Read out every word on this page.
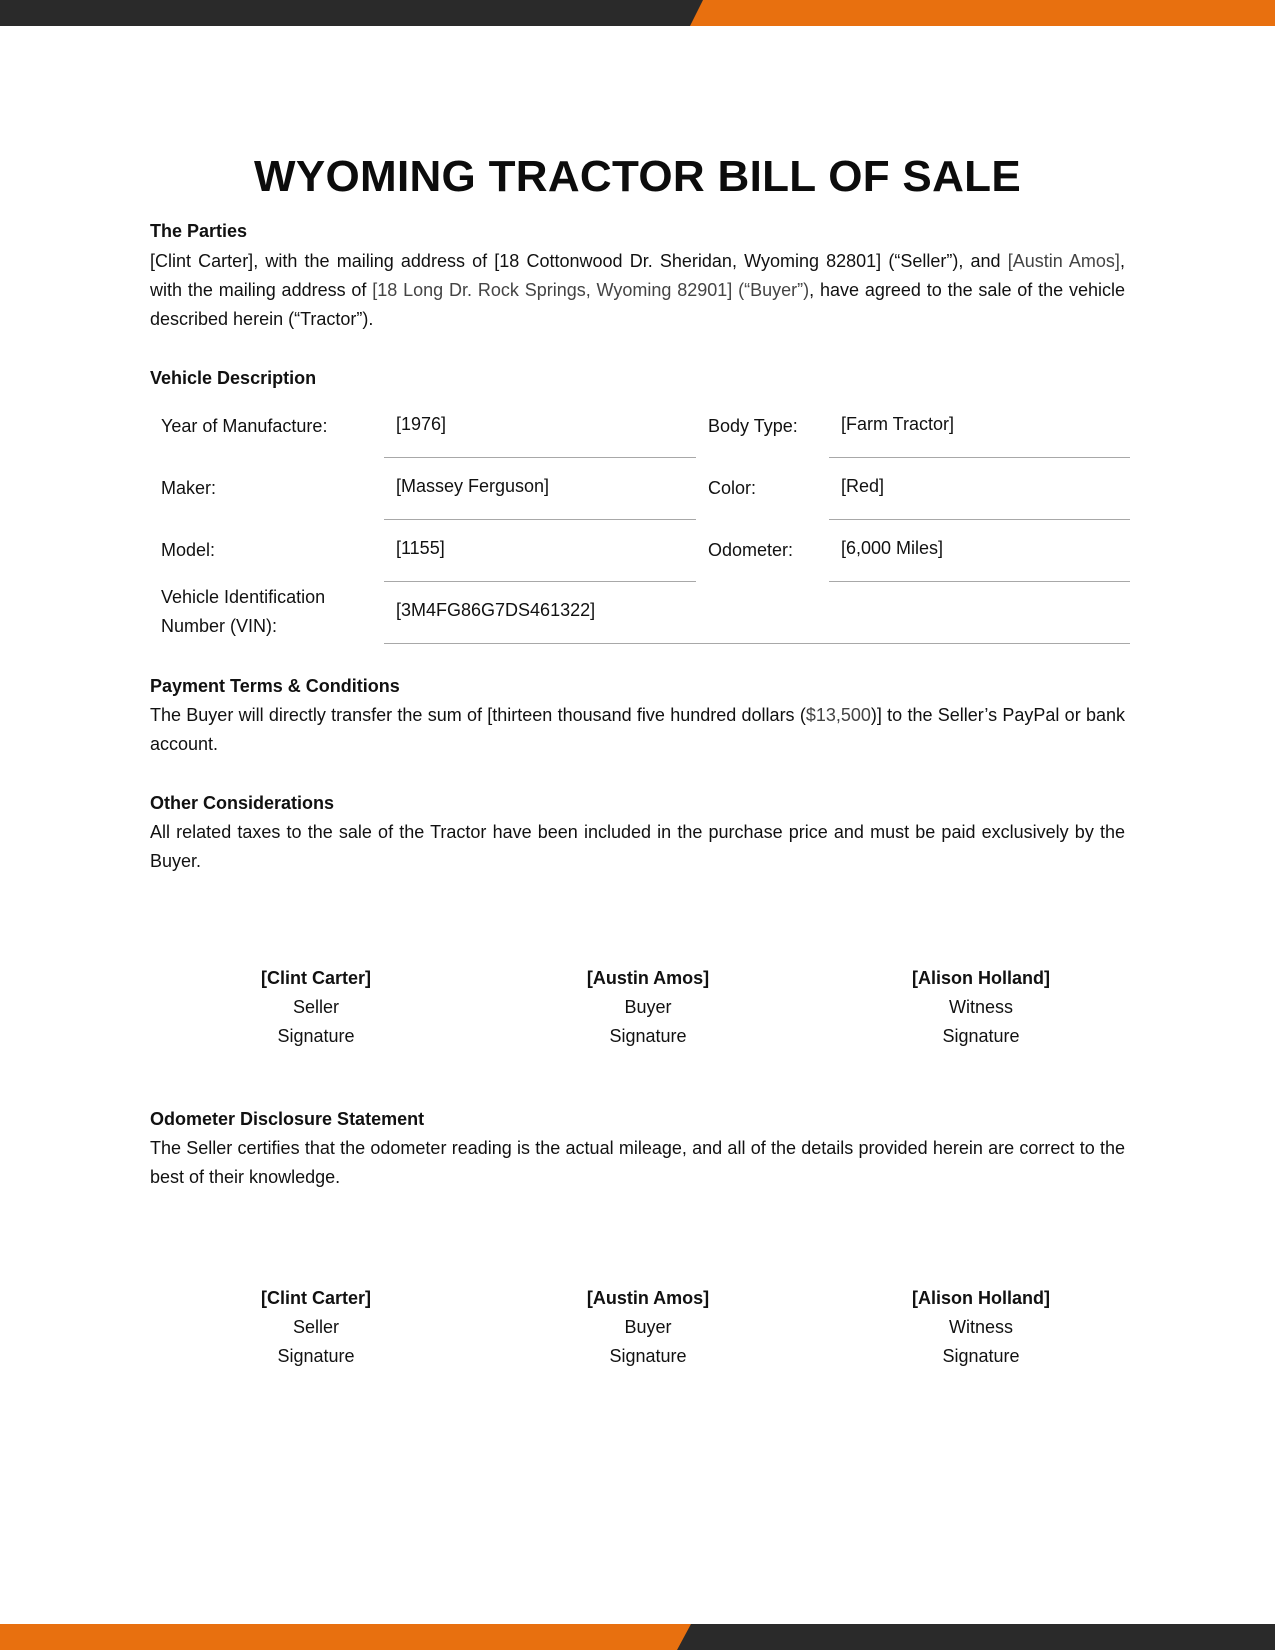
WYOMING TRACTOR BILL OF SALE

The Parties

[Clint Carter], with the mailing address of [18 Cottonwood Dr. Sheridan, Wyoming 82801] (“Seller”), and [Austin Amos], with the mailing address of [18 Long Dr. Rock Springs, Wyoming 82901] (“Buyer”), have agreed to the sale of the vehicle described herein (“Tractor”).

Vehicle Description

Year of Manufacture:	[1976]	Body Type: [Farm Tractor]
Maker:	[Massey Ferguson]	Color:	[Red]
Model:	[1155]	Odometer:	[6,000 Miles]
Vehicle Identification
Number (VIN):
[3M4FG86G7DS461322]

Payment Terms & Conditions

The Buyer will directly transfer the sum of [thirteen thousand five hundred dollars ($13,500)] to the Seller’s PayPal or bank account.

Other Considerations

All related taxes to the sale of the Tractor have been included in the purchase price and must be paid exclusively by the Buyer.

[Clint Carter]
Seller
Signature
[Austin Amos]
Buyer
Signature
[Alison Holland]
Witness
Signature

Odometer Disclosure Statement

The Seller certifies that the odometer reading is the actual mileage, and all of the details provided herein are correct to the best of their knowledge.

[Clint Carter]
Seller
Signature
[Austin Amos]
Buyer
Signature
[Alison Holland]
Witness
Signature
